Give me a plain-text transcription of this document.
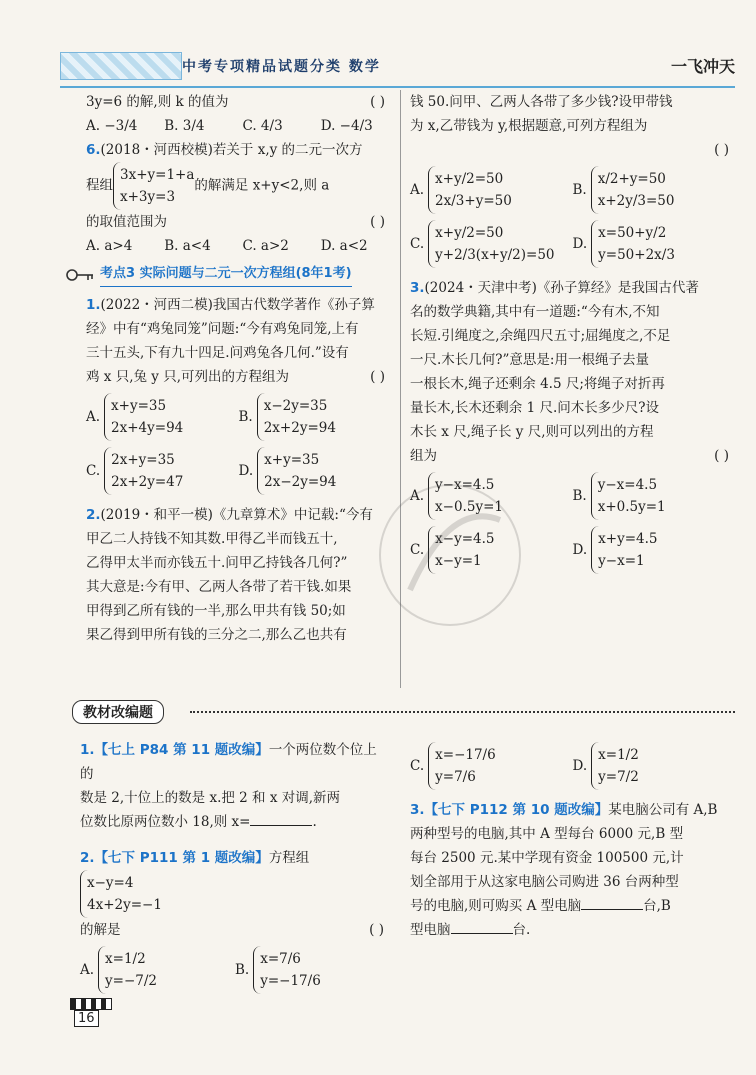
中考专项精品试题分类 数学	一飞冲天

3y=6 的解,则 k 的值为	( )

A. −3/4	B. 3/4	C. 4/3	D. −4/3

6.(2018・河西校模)若关于 x,y 的二元一次方

程组3x+y=1+a
x+3y=3的解满足 x+y<2,则 a

的取值范围为	( )

A. a>4	B. a<4	C. a>2	D. a<2

考点3 实际问题与二元一次方程组(8年1考)

1.(2022・河西二模)我国古代数学著作《孙子算

经》中有“鸡兔同笼”问题:“今有鸡兔同笼,上有

三十五头,下有九十四足.问鸡兔各几何.”设有

鸡 x 只,兔 y 只,可列出的方程组为	( )

A.
x+y=35
2x+4y=94
B.
x−2y=35
2x+2y=94
C.
2x+y=35
2x+2y=47
D.
x+y=35
2x−2y=94

2.(2019・和平一模)《九章算术》中记载:“今有

甲乙二人持钱不知其数.甲得乙半而钱五十,

乙得甲太半而亦钱五十.问甲乙持钱各几何?”

其大意是:今有甲、乙两人各带了若干钱.如果

甲得到乙所有钱的一半,那么甲共有钱 50;如

果乙得到甲所有钱的三分之二,那么乙也共有

钱 50.问甲、乙两人各带了多少钱?设甲带钱

为 x,乙带钱为 y,根据题意,可列方程组为

( )

A.
x+y/2=50
2x/3+y=50
B.
x/2+y=50
x+2y/3=50
C.
x+y/2=50
y+2/3(x+y/2)=50
D.
x=50+y/2
y=50+2x/3

3.(2024・天津中考)《孙子算经》是我国古代著

名的数学典籍,其中有一道题:“今有木,不知

长短.引绳度之,余绳四尺五寸;屈绳度之,不足

一尺.木长几何?”意思是:用一根绳子去量

一根长木,绳子还剩余 4.5 尺;将绳子对折再

量长木,长木还剩余 1 尺.问木长多少尺?设

木长 x 尺,绳子长 y 尺,则可以列出的方程

组为	( )

A.
y−x=4.5
x−0.5y=1
B.
y−x=4.5
x+0.5y=1
C.
x−y=4.5
x−y=1
D.
x+y=4.5
y−x=1
教材改编题

1.【七上 P84 第 11 题改编】一个两位数个位上的

数是 2,十位上的数是 x.把 2 和 x 对调,新两

位数比原两位数小 18,则 x=	.

2.【七下 P111 第 1 题改编】方程组x−y=4
4x+2y=−1

的解是	( )

A.
x=1/2
y=−7/2
B.
x=7/6
y=−17/6
C.
x=−17/6
y=7/6
D.
x=1/2
y=7/2

3.【七下 P112 第 10 题改编】某电脑公司有 A,B

两种型号的电脑,其中 A 型每台 6000 元,B 型

每台 2500 元.某中学现有资金 100500 元,计

划全部用于从这家电脑公司购进 36 台两种型

号的电脑,则可购买 A 型电脑	台,B

型电脑	台.

16
